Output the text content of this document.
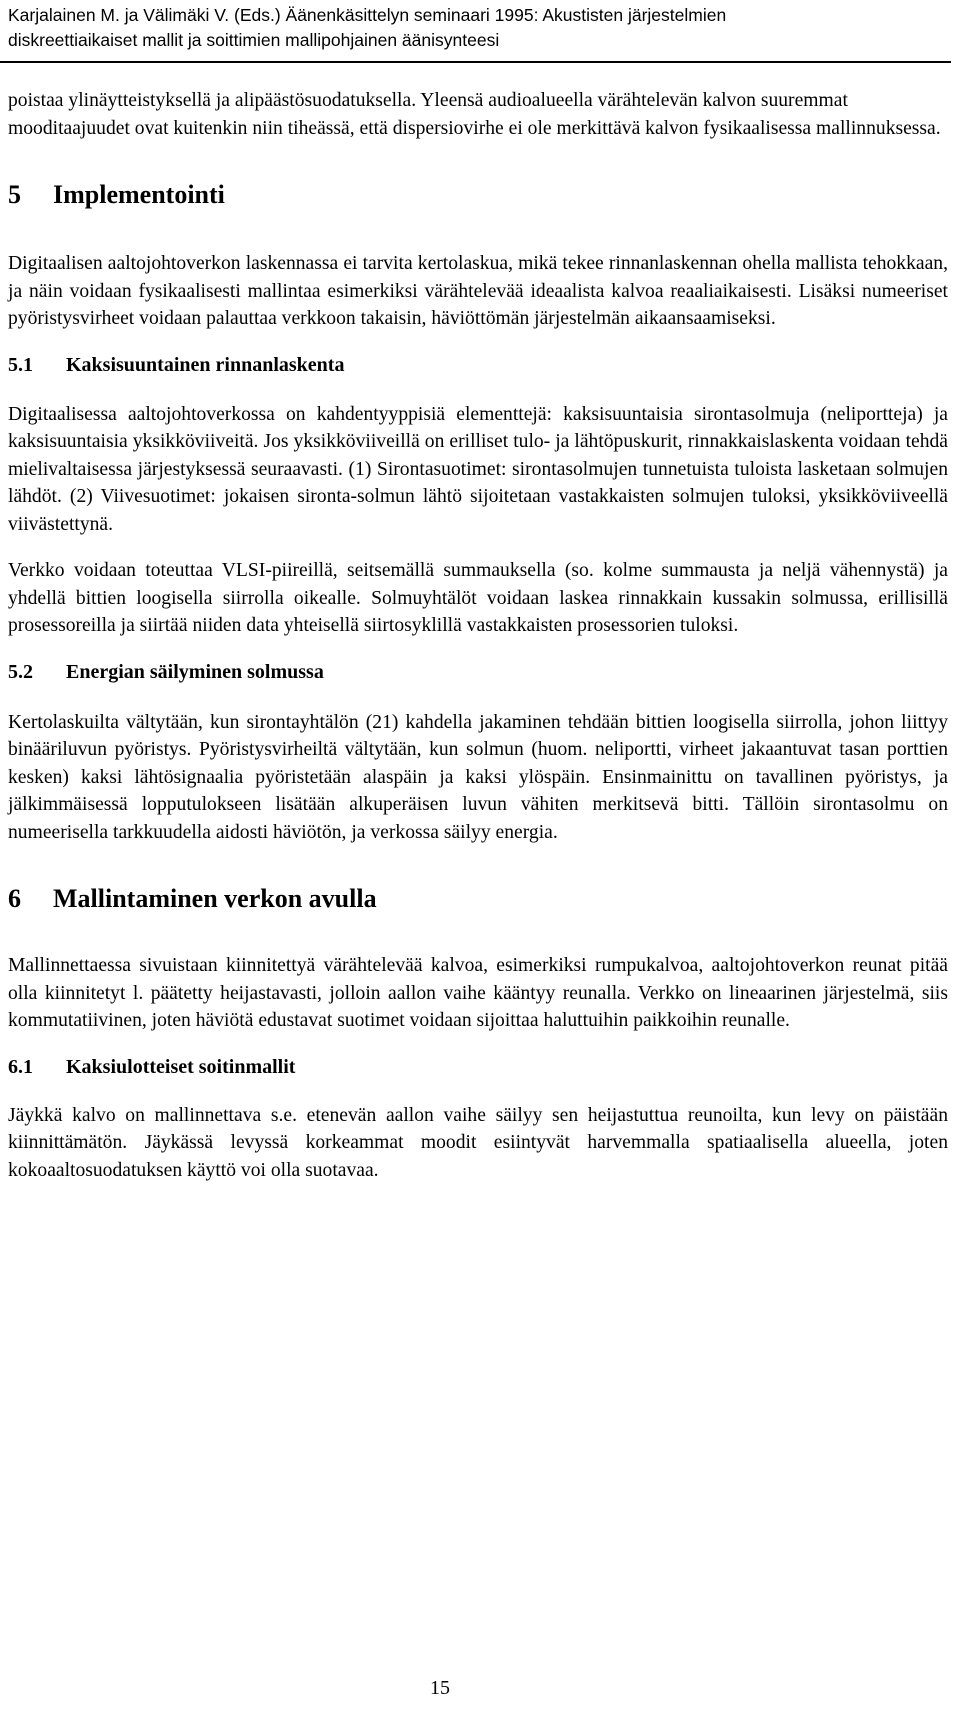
Karjalainen M. ja Välimäki V. (Eds.) Äänenkäsittelyn seminaari 1995: Akustisten järjestelmien
diskreettiaikaiset mallit ja soittimien mallipohjainen äänisynteesi

poistaa ylinäytteistyksellä ja alipäästösuodatuksella. Yleensä audioalueella värähtelevän kalvon suuremmat mooditaajuudet ovat kuitenkin niin tiheässä, että dispersiovirhe ei ole merkittävä kalvon fysikaalisessa mallinnuksessa.

5 Implementointi

Digitaalisen aaltojohtoverkon laskennassa ei tarvita kertolaskua, mikä tekee rinnanlaskennan ohella mallista tehokkaan, ja näin voidaan fysikaalisesti mallintaa esimerkiksi värähtelevää ideaalista kalvoa reaaliaikaisesti. Lisäksi numeeriset pyöristysvirheet voidaan palauttaa verkkoon takaisin, häviöttömän järjestelmän aikaansaamiseksi.

5.1 Kaksisuuntainen rinnanlaskenta

Digitaalisessa aaltojohtoverkossa on kahdentyyppisiä elementtejä: kaksisuuntaisia sirontasolmuja (neliportteja) ja kaksisuuntaisia yksikköviiveitä. Jos yksikköviiveillä on erilliset tulo- ja lähtöpuskurit, rinnakkaislaskenta voidaan tehdä mielivaltaisessa järjestyksessä seuraavasti. (1) Sirontasuotimet: sirontasolmujen tunnetuista tuloista lasketaan solmujen lähdöt. (2) Viivesuotimet: jokaisen sironta-solmun lähtö sijoitetaan vastakkaisten solmujen tuloksi, yksikköviiveellä viivästettynä.

Verkko voidaan toteuttaa VLSI-piireillä, seitsemällä summauksella (so. kolme summausta ja neljä vähennystä) ja yhdellä bittien loogisella siirrolla oikealle. Solmuyhtälöt voidaan laskea rinnakkain kussakin solmussa, erillisillä prosessoreilla ja siirtää niiden data yhteisellä siirtosyklillä vastakkaisten prosessorien tuloksi.

5.2 Energian säilyminen solmussa

Kertolaskuilta vältytään, kun sirontayhtälön (21) kahdella jakaminen tehdään bittien loogisella siirrolla, johon liittyy binääriluvun pyöristys. Pyöristysvirheiltä vältytään, kun solmun (huom. neliportti, virheet jakaantuvat tasan porttien kesken) kaksi lähtösignaalia pyöristetään alaspäin ja kaksi ylöspäin. Ensinmainittu on tavallinen pyöristys, ja jälkimmäisessä lopputulokseen lisätään alkuperäisen luvun vähiten merkitsevä bitti. Tällöin sirontasolmu on numeerisella tarkkuudella aidosti häviötön, ja verkossa säilyy energia.

6 Mallintaminen verkon avulla

Mallinnettaessa sivuistaan kiinnitettyä värähtelevää kalvoa, esimerkiksi rumpukalvoa, aaltojohtoverkon reunat pitää olla kiinnitetyt l. päätetty heijastavasti, jolloin aallon vaihe kääntyy reunalla. Verkko on lineaarinen järjestelmä, siis kommutatiivinen, joten häviötä edustavat suotimet voidaan sijoittaa haluttuihin paikkoihin reunalle.

6.1 Kaksiulotteiset soitinmallit

Jäykkä kalvo on mallinnettava s.e. etenevän aallon vaihe säilyy sen heijastuttua reunoilta, kun levy on päistään kiinnittämätön. Jäykässä levyssä korkeammat moodit esiintyvät harvemmalla spatiaalisella alueella, joten kokoaaltosuodatuksen käyttö voi olla suotavaa.

15
